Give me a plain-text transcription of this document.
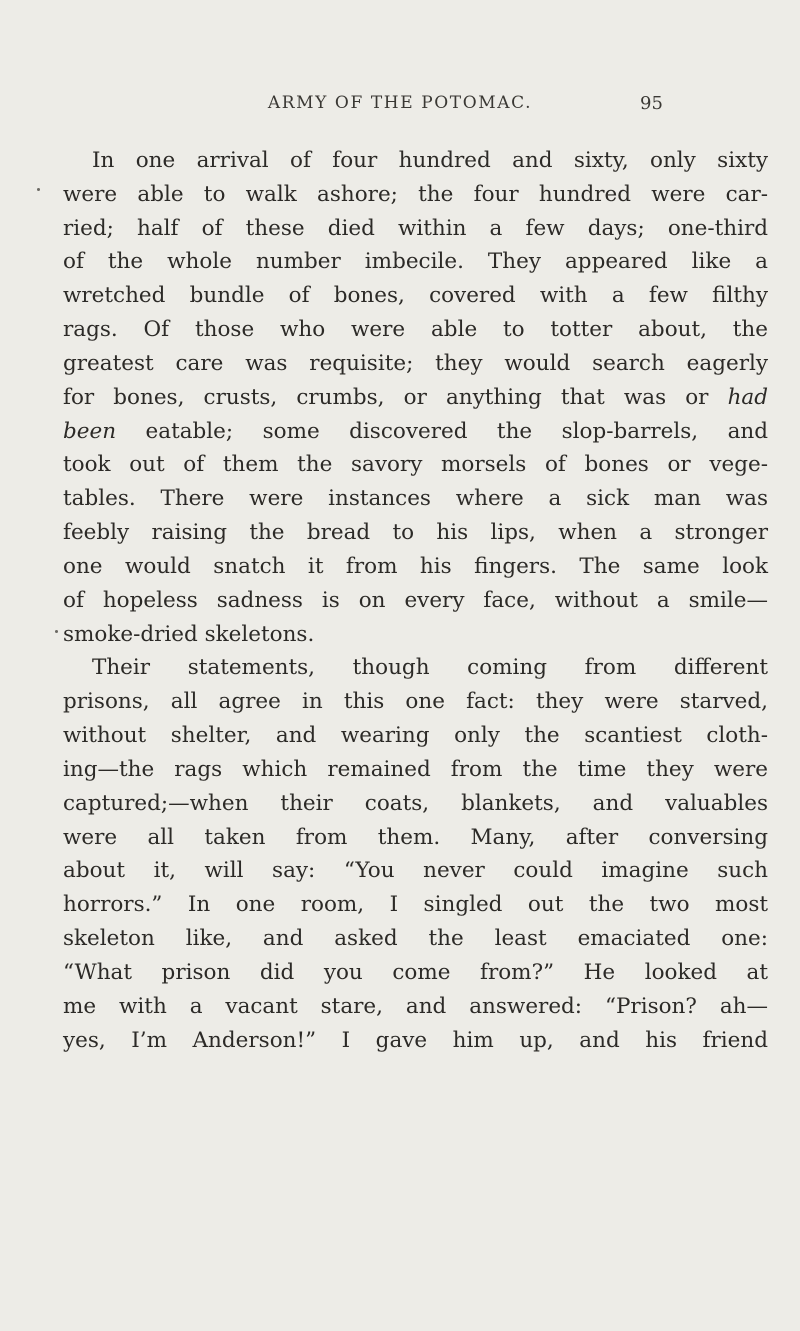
ARMY OF THE POTOMAC.	95
In one arrival of four hundred and sixty, only sixty
were able to walk ashore; the four hundred were car-
ried; half of these died within a few days; one-third
of the whole number imbecile. They appeared like a
wretched bundle of bones, covered with a few filthy
rags. Of those who were able to totter about, the
greatest care was requisite; they would search eagerly
for bones, crusts, crumbs, or anything that was or had
been eatable; some discovered the slop-barrels, and
took out of them the savory morsels of bones or vege-
tables. There were instances where a sick man was
feebly raising the bread to his lips, when a stronger
one would snatch it from his fingers. The same look
of hopeless sadness is on every face, without a smile—
smoke-dried skeletons.
Their statements, though coming from different
prisons, all agree in this one fact: they were starved,
without shelter, and wearing only the scantiest cloth-
ing—the rags which remained from the time they were
captured;—when their coats, blankets, and valuables
were all taken from them. Many, after conversing
about it, will say: “You never could imagine such
horrors.” In one room, I singled out the two most
skeleton like, and asked the least emaciated one:
“What prison did you come from?” He looked at
me with a vacant stare, and answered: “Prison? ah—
yes, I’m Anderson!” I gave him up, and his friend
